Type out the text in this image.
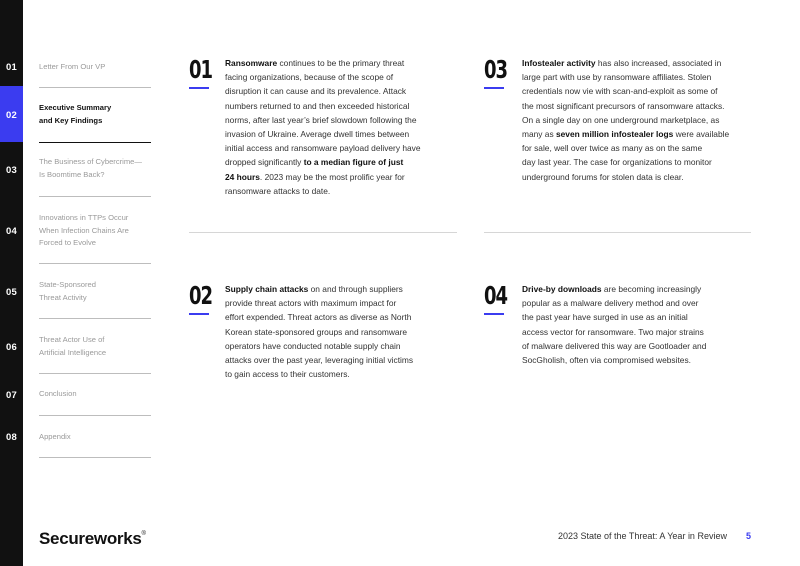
01
02
03
04
05
06
07
08
Letter From Our VP
Executive Summary
and Key Findings
The Business of Cybercrime—
Is Boomtime Back?
Innovations in TTPs Occur
When Infection Chains Are
Forced to Evolve
State-Sponsored
Threat Activity
Threat Actor Use of
Artificial Intelligence
Conclusion
Appendix
01 Ransomware continues to be the primary threat
facing organizations, because of the scope of
disruption it can cause and its prevalence. Attack
numbers returned to and then exceeded historical
norms, after last year’s brief slowdown following the
invasion of Ukraine. Average dwell times between
initial access and ransomware payload delivery have
dropped significantly to a median figure of just
24 hours. 2023 may be the most prolific year for
ransomware attacks to date.
02 Supply chain attacks on and through suppliers
provide threat actors with maximum impact for
effort expended. Threat actors as diverse as North
Korean state-sponsored groups and ransomware
operators have conducted notable supply chain
attacks over the past year, leveraging initial victims
to gain access to their customers.
03 Infostealer activity has also increased, associated in
large part with use by ransomware affiliates. Stolen
credentials now vie with scan-and-exploit as some of
the most significant precursors of ransomware attacks.
On a single day on one underground marketplace, as
many as seven million infostealer logs were available
for sale, well over twice as many as on the same
day last year. The case for organizations to monitor
underground forums for stolen data is clear.
04 Drive-by downloads are becoming increasingly
popular as a malware delivery method and over
the past year have surged in use as an initial
access vector for ransomware. Two major strains
of malware delivered this way are Gootloader and
SocGholish, often via compromised websites.
Secureworks®	2023 State of the Threat: A Year in Review 5
